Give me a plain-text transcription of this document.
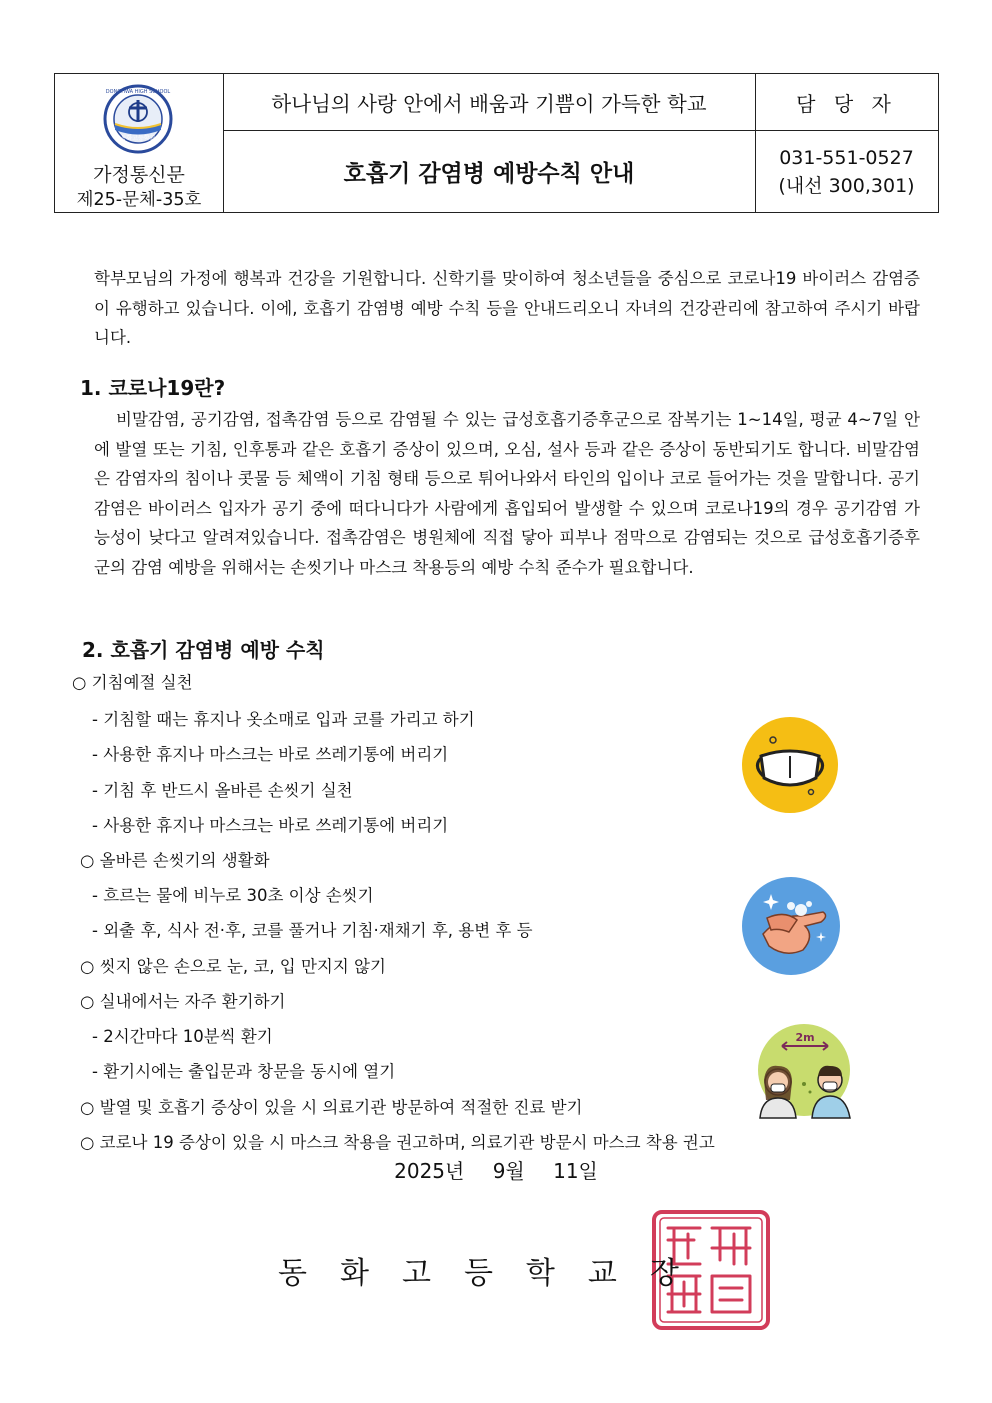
DONGHWA HIGH SCHOOL
동화고등학교
가정통신문
제25-문체-35호
하나님의 사랑 안에서 배움과 기쁨이 가득한 학교
호흡기 감염병 예방수칙 안내
담 당 자
031-551-0527
(내선 300,301)

학부모님의 가정에 행복과 건강을 기원합니다. 신학기를 맞이하여 청소년들을 중심으로 코로나19 바이러스 감염증이 유행하고 있습니다. 이에, 호흡기 감염병 예방 수칙 등을 안내드리오니 자녀의 건강관리에 참고하여 주시기 바랍니다.

1. 코로나19란?

비말감염, 공기감염, 접촉감염 등으로 감염될 수 있는 급성호흡기증후군으로 잠복기는 1~14일, 평균 4~7일 안에 발열 또는 기침, 인후통과 같은 호흡기 증상이 있으며, 오심, 설사 등과 같은 증상이 동반되기도 합니다. 비말감염은 감염자의 침이나 콧물 등 체액이 기침 형태 등으로 튀어나와서 타인의 입이나 코로 들어가는 것을 말합니다. 공기감염은 바이러스 입자가 공기 중에 떠다니다가 사람에게 흡입되어 발생할 수 있으며 코로나19의 경우 공기감염 가능성이 낮다고 알려져있습니다. 접촉감염은 병원체에 직접 닿아 피부나 점막으로 감염되는 것으로 급성호흡기증후군의 감염 예방을 위해서는 손씻기나 마스크 착용등의 예방 수칙 준수가 필요합니다.

2. 호흡기 감염병 예방 수칙
○ 기침예절 실천
- 기침할 때는 휴지나 옷소매로 입과 코를 가리고 하기
- 사용한 휴지나 마스크는 바로 쓰레기통에 버리기
- 기침 후 반드시 올바른 손씻기 실천
- 사용한 휴지나 마스크는 바로 쓰레기통에 버리기
○ 올바른 손씻기의 생활화
- 흐르는 물에 비누로 30초 이상 손씻기
- 외출 후, 식사 전·후, 코를 풀거나 기침·재채기 후, 용변 후 등
○ 씻지 않은 손으로 눈, 코, 입 만지지 않기
○ 실내에서는 자주 환기하기
- 2시간마다 10분씩 환기
- 환기시에는 출입문과 창문을 동시에 열기
○ 발열 및 호흡기 증상이 있을 시 의료기관 방문하여 적절한 진료 받기
○ 코로나 19 증상이 있을 시 마스크 착용을 권고하며, 의료기관 방문시 마스크 착용 권고
2m
2025년 9월 11일
동화고등학교장
